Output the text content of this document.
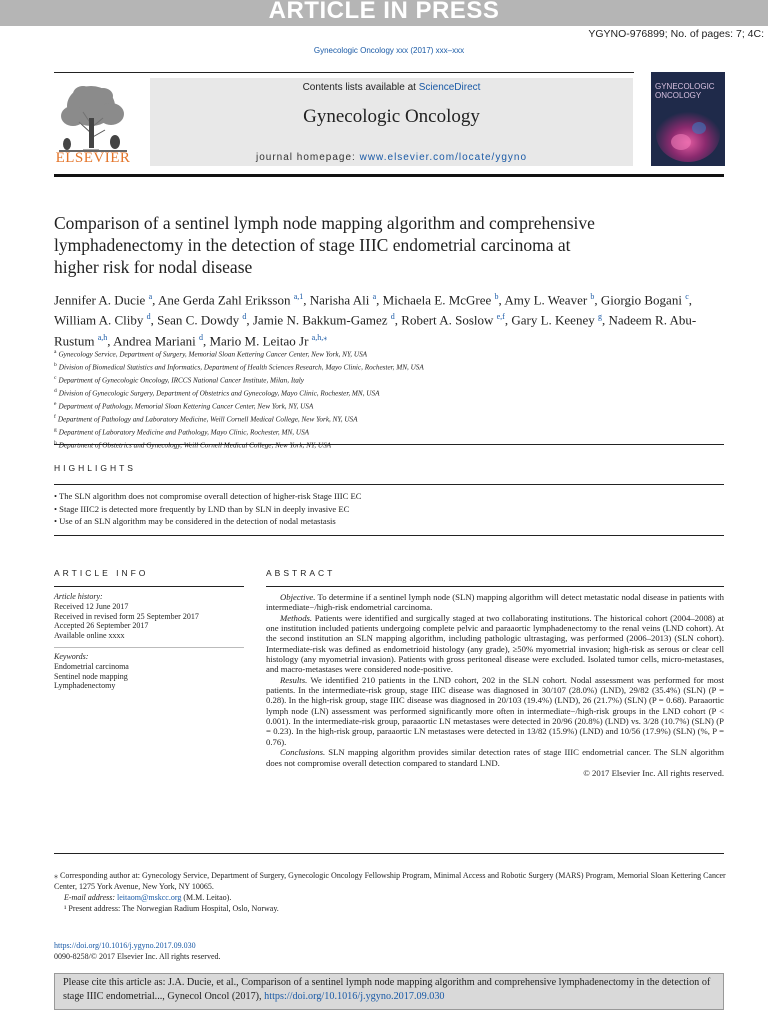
ARTICLE IN PRESS
YGYNO-976899; No. of pages: 7; 4C:
Gynecologic Oncology xxx (2017) xxx–xxx
ELSEVIER
Contents lists available at ScienceDirect
Gynecologic Oncology
journal homepage: www.elsevier.com/locate/ygyno
GYNECOLOGIC
ONCOLOGY
Comparison of a sentinel lymph node mapping algorithm and comprehensive lymphadenectomy in the detection of stage IIIC endometrial carcinoma at higher risk for nodal disease
Jennifer A. Ducie $^a$, Ane Gerda Zahl Eriksson $^{a,1}$, Narisha Ali $^a$, Michaela E. McGree $^b$, Amy L. Weaver $^b$, Giorgio Bogani $^c$, William A. Cliby $^d$, Sean C. Dowdy $^d$, Jamie N. Bakkum-Gamez $^d$, Robert A. Soslow $^{e,f}$, Gary L. Keeney $^g$, Nadeem R. Abu-Rustum $^{a,h}$, Andrea Mariani $^d$, Mario M. Leitao Jr $^{a,h,⁎}$
$^a$ Gynecology Service, Department of Surgery, Memorial Sloan Kettering Cancer Center, New York, NY, USA
$^b$ Division of Biomedical Statistics and Informatics, Department of Health Sciences Research, Mayo Clinic, Rochester, MN, USA
$^c$ Department of Gynecologic Oncology, IRCCS National Cancer Institute, Milan, Italy
$^d$ Division of Gynecologic Surgery, Department of Obstetrics and Gynecology, Mayo Clinic, Rochester, MN, USA
$^e$ Department of Pathology, Memorial Sloan Kettering Cancer Center, New York, NY, USA
$^f$ Department of Pathology and Laboratory Medicine, Weill Cornell Medical College, New York, NY, USA
$^g$ Department of Laboratory Medicine and Pathology, Mayo Clinic, Rochester, MN, USA
$^h$ Department of Obstetrics and Gynecology, Weill Cornell Medical College, New York, NY, USA
HIGHLIGHTS
• The SLN algorithm does not compromise overall detection of higher-risk Stage IIIC EC
• Stage IIIC2 is detected more frequently by LND than by SLN in deeply invasive EC
• Use of an SLN algorithm may be considered in the detection of nodal metastasis
ARTICLE INFO
Article history:
Received 12 June 2017
Received in revised form 25 September 2017
Accepted 26 September 2017
Available online xxxx
Keywords:
Endometrial carcinoma
Sentinel node mapping
Lymphadenectomy
ABSTRACT

Objective. To determine if a sentinel lymph node (SLN) mapping algorithm will detect metastatic nodal disease in patients with intermediate−/high-risk endometrial carcinoma.

Methods. Patients were identified and surgically staged at two collaborating institutions. The historical cohort (2004–2008) at one institution included patients undergoing complete pelvic and paraaortic lymphadenectomy to the renal veins (LND cohort). At the second institution an SLN mapping algorithm, including pathologic ultrastaging, was performed (2006–2013) (SLN cohort). Intermediate-risk was defined as endometrioid histology (any grade), ≥50% myometrial invasion; high-risk as serous or clear cell histology (any myometrial invasion). Patients with gross peritoneal disease were excluded. Isolated tumor cells, micro-metastases, and macro-metastases were considered node-positive.

Results. We identified 210 patients in the LND cohort, 202 in the SLN cohort. Nodal assessment was performed for most patients. In the intermediate-risk group, stage IIIC disease was diagnosed in 30/107 (28.0%) (LND), 29/82 (35.4%) (SLN) (P = 0.28). In the high-risk group, stage IIIC disease was diagnosed in 20/103 (19.4%) (LND), 26 (21.7%) (SLN) (P = 0.68). Paraaortic lymph node (LN) assessment was performed significantly more often in intermediate−/high-risk groups in the LND cohort (P < 0.001). In the intermediate-risk group, paraaortic LN metastases were detected in 20/96 (20.8%) (LND) vs. 3/28 (10.7%) (SLN) (P = 0.23). In the high-risk group, paraaortic LN metastases were detected in 13/82 (15.9%) (LND) and 10/56 (17.9%) (SLN) (%, P = 0.76).

Conclusions. SLN mapping algorithm provides similar detection rates of stage IIIC endometrial cancer. The SLN algorithm does not compromise overall detection compared to standard LND.

© 2017 Elsevier Inc. All rights reserved.
⁎ Corresponding author at: Gynecology Service, Department of Surgery, Gynecologic Oncology Fellowship Program, Minimal Access and Robotic Surgery (MARS) Program, Memorial Sloan Kettering Cancer Center, 1275 York Avenue, New York, NY 10065.
E-mail address: leitaom@mskcc.org (M.M. Leitao).
¹ Present address: The Norwegian Radium Hospital, Oslo, Norway.
https://doi.org/10.1016/j.ygyno.2017.09.030
0090-8258/© 2017 Elsevier Inc. All rights reserved.
Please cite this article as: J.A. Ducie, et al., Comparison of a sentinel lymph node mapping algorithm and comprehensive lymphadenectomy in the detection of stage IIIC endometrial..., Gynecol Oncol (2017), https://doi.org/10.1016/j.ygyno.2017.09.030
